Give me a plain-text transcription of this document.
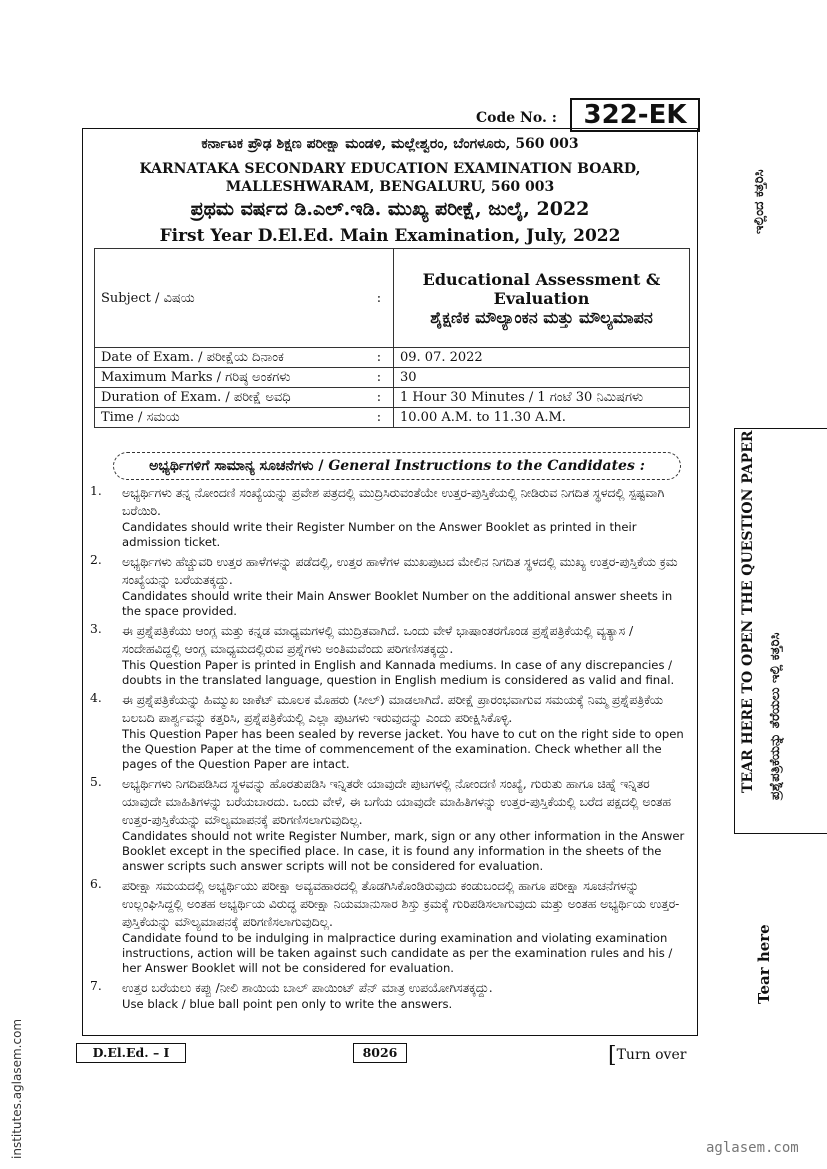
Code No. :	322-EK
ಕರ್ನಾಟಕ ಪ್ರೌಢ ಶಿಕ್ಷಣ ಪರೀಕ್ಷಾ ಮಂಡಳಿ, ಮಲ್ಲೇಶ್ವರಂ, ಬೆಂಗಳೂರು, 560 003
KARNATAKA SECONDARY EDUCATION EXAMINATION BOARD, MALLESHWARAM, BENGALURU, 560 003
ಪ್ರಥಮ ವರ್ಷದ ಡಿ.ಎಲ್.ಇಡಿ. ಮುಖ್ಯ ಪರೀಕ್ಷೆ, ಜುಲೈ, 2022
First Year D.El.Ed. Main Examination, July, 2022
Subject / ವಿಷಯ	:	Educational Assessment & Evaluation
ಶೈಕ್ಷಣಿಕ ಮೌಲ್ಯಾಂಕನ ಮತ್ತು ಮೌಲ್ಯಮಾಪನ

Date of Exam. / ಪರೀಕ್ಷೆಯ ದಿನಾಂಕ	:	09. 07. 2022
Maximum Marks / ಗರಿಷ್ಠ ಅಂಕಗಳು	:	30
Duration of Exam. / ಪರೀಕ್ಷೆ ಅವಧಿ	:	1 Hour 30 Minutes / 1 ಗಂಟೆ 30 ನಿಮಿಷಗಳು
Time / ಸಮಯ	:	10.00 A.M. to 11.30 A.M.
ಅಭ್ಯರ್ಥಿಗಳಿಗೆ ಸಾಮಾನ್ಯ ಸೂಚನೆಗಳು / General Instructions to the Candidates :
1. ಅಭ್ಯರ್ಥಿಗಳು ತನ್ನ ನೋಂದಣಿ ಸಂಖ್ಯೆಯನ್ನು ಪ್ರವೇಶ ಪತ್ರದಲ್ಲಿ ಮುದ್ರಿಸಿರುವಂತೆಯೇ ಉತ್ತರ-ಪುಸ್ತಿಕೆಯಲ್ಲಿ ನೀಡಿರುವ ನಿಗದಿತ ಸ್ಥಳದಲ್ಲಿ ಸ್ಪಷ್ಟವಾಗಿ ಬರೆಯಿರಿ.

Candidates should write their Register Number on the Answer Booklet as printed in their admission ticket.

2. ಅಭ್ಯರ್ಥಿಗಳು ಹೆಚ್ಚುವರಿ ಉತ್ತರ ಹಾಳೆಗಳನ್ನು ಪಡೆದಲ್ಲಿ, ಉತ್ತರ ಹಾಳೆಗಳ ಮುಖಪುಟದ ಮೇಲಿನ ನಿಗದಿತ ಸ್ಥಳದಲ್ಲಿ ಮುಖ್ಯ ಉತ್ತರ-ಪುಸ್ತಿಕೆಯ ಕ್ರಮ ಸಂಖ್ಯೆಯನ್ನು ಬರೆಯತಕ್ಕದ್ದು.

Candidates should write their Main Answer Booklet Number on the additional answer sheets in the space provided.

3. ಈ ಪ್ರಶ್ನೆಪತ್ರಿಕೆಯು ಆಂಗ್ಲ ಮತ್ತು ಕನ್ನಡ ಮಾಧ್ಯಮಗಳಲ್ಲಿ ಮುದ್ರಿತವಾಗಿದೆ. ಒಂದು ವೇಳೆ ಭಾಷಾಂತರಗೊಂಡ ಪ್ರಶ್ನೆಪತ್ರಿಕೆಯಲ್ಲಿ ವ್ಯತ್ಯಾಸ / ಸಂದೇಹವಿದ್ದಲ್ಲಿ ಆಂಗ್ಲ ಮಾಧ್ಯಮದಲ್ಲಿರುವ ಪ್ರಶ್ನೆಗಳು ಅಂತಿಮವೆಂದು ಪರಿಗಣಿಸತಕ್ಕದ್ದು.

This Question Paper is printed in English and Kannada mediums. In case of any discrepancies / doubts in the translated language, question in English medium is considered as valid and final.

4. ಈ ಪ್ರಶ್ನೆಪತ್ರಿಕೆಯನ್ನು ಹಿಮ್ಮುಖ ಜಾಕೆಟ್ ಮೂಲಕ ಮೊಹರು (ಸೀಲ್) ಮಾಡಲಾಗಿದೆ. ಪರೀಕ್ಷೆ ಪ್ರಾರಂಭವಾಗುವ ಸಮಯಕ್ಕೆ ನಿಮ್ಮ ಪ್ರಶ್ನೆಪತ್ರಿಕೆಯ ಬಲಬದಿ ಪಾರ್ಶ್ವವನ್ನು ಕತ್ತರಿಸಿ, ಪ್ರಶ್ನೆಪತ್ರಿಕೆಯಲ್ಲಿ ಎಲ್ಲಾ ಪುಟಗಳು ಇರುವುದನ್ನು ಎಂದು ಪರೀಕ್ಷಿಸಿಕೊಳ್ಳಿ.

This Question Paper has been sealed by reverse jacket. You have to cut on the right side to open the Question Paper at the time of commencement of the examination. Check whether all the pages of the Question Paper are intact.

5. ಅಭ್ಯರ್ಥಿಗಳು ನಿಗದಿಪಡಿಸಿದ ಸ್ಥಳವನ್ನು ಹೊರತುಪಡಿಸಿ ಇನ್ನಿತರೇ ಯಾವುದೇ ಪುಟಗಳಲ್ಲಿ ನೋಂದಣಿ ಸಂಖ್ಯೆ, ಗುರುತು ಹಾಗೂ ಚಿಹ್ನೆ ಇನ್ನಿತರ ಯಾವುದೇ ಮಾಹಿತಿಗಳನ್ನು ಬರೆಯಬಾರದು. ಒಂದು ವೇಳೆ, ಈ ಬಗೆಯ ಯಾವುದೇ ಮಾಹಿತಿಗಳನ್ನು ಉತ್ತರ-ಪುಸ್ತಿಕೆಯಲ್ಲಿ ಬರೆದ ಪಕ್ಷದಲ್ಲಿ ಅಂತಹ ಉತ್ತರ-ಪುಸ್ತಿಕೆಯನ್ನು ಮೌಲ್ಯಮಾಪನಕ್ಕೆ ಪರಿಗಣಿಸಲಾಗುವುದಿಲ್ಲ.

Candidates should not write Register Number, mark, sign or any other information in the Answer Booklet except in the specified place. In case, it is found any information in the sheets of the answer scripts such answer scripts will not be considered for evaluation.

6. ಪರೀಕ್ಷಾ ಸಮಯದಲ್ಲಿ ಅಭ್ಯರ್ಥಿಯು ಪರೀಕ್ಷಾ ಅವ್ಯವಹಾರದಲ್ಲಿ ತೊಡಗಿಸಿಕೊಂಡಿರುವುದು ಕಂಡುಬಂದಲ್ಲಿ ಹಾಗೂ ಪರೀಕ್ಷಾ ಸೂಚನೆಗಳನ್ನು ಉಲ್ಲಂಘಿಸಿದ್ದಲ್ಲಿ ಅಂತಹ ಅಭ್ಯರ್ಥಿಯ ವಿರುದ್ಧ ಪರೀಕ್ಷಾ ನಿಯಮಾನುಸಾರ ಶಿಸ್ತು ಕ್ರಮಕ್ಕೆ ಗುರಿಪಡಿಸಲಾಗುವುದು ಮತ್ತು ಅಂತಹ ಅಭ್ಯರ್ಥಿಯ ಉತ್ತರ-ಪುಸ್ತಿಕೆಯನ್ನು ಮೌಲ್ಯಮಾಪನಕ್ಕೆ ಪರಿಗಣಿಸಲಾಗುವುದಿಲ್ಲ.

Candidate found to be indulging in malpractice during examination and violating examination instructions, action will be taken against such candidate as per the examination rules and his / her Answer Booklet will not be considered for evaluation.

7. ಉತ್ತರ ಬರೆಯಲು ಕಪ್ಪು /ನೀಲಿ ಶಾಯಿಯ ಬಾಲ್ ಪಾಯಿಂಟ್ ಪೆನ್ ಮಾತ್ರ ಉಪಯೋಗಿಸತಕ್ಕದ್ದು.

Use black / blue ball point pen only to write the answers.

D.El.Ed. – I	8026	[Turn over
ಇಲ್ಲಿಂದ ಕತ್ತರಿಸಿ
TEAR HERE TO OPEN THE QUESTION PAPER ಪ್ರಶ್ನೆಪತ್ರಿಕೆಯನ್ನು ತೆರೆಯಲು ಇಲ್ಲಿ ಕತ್ತರಿಸಿ
Tear here
institutes.aglasem.com	aglasem.com
